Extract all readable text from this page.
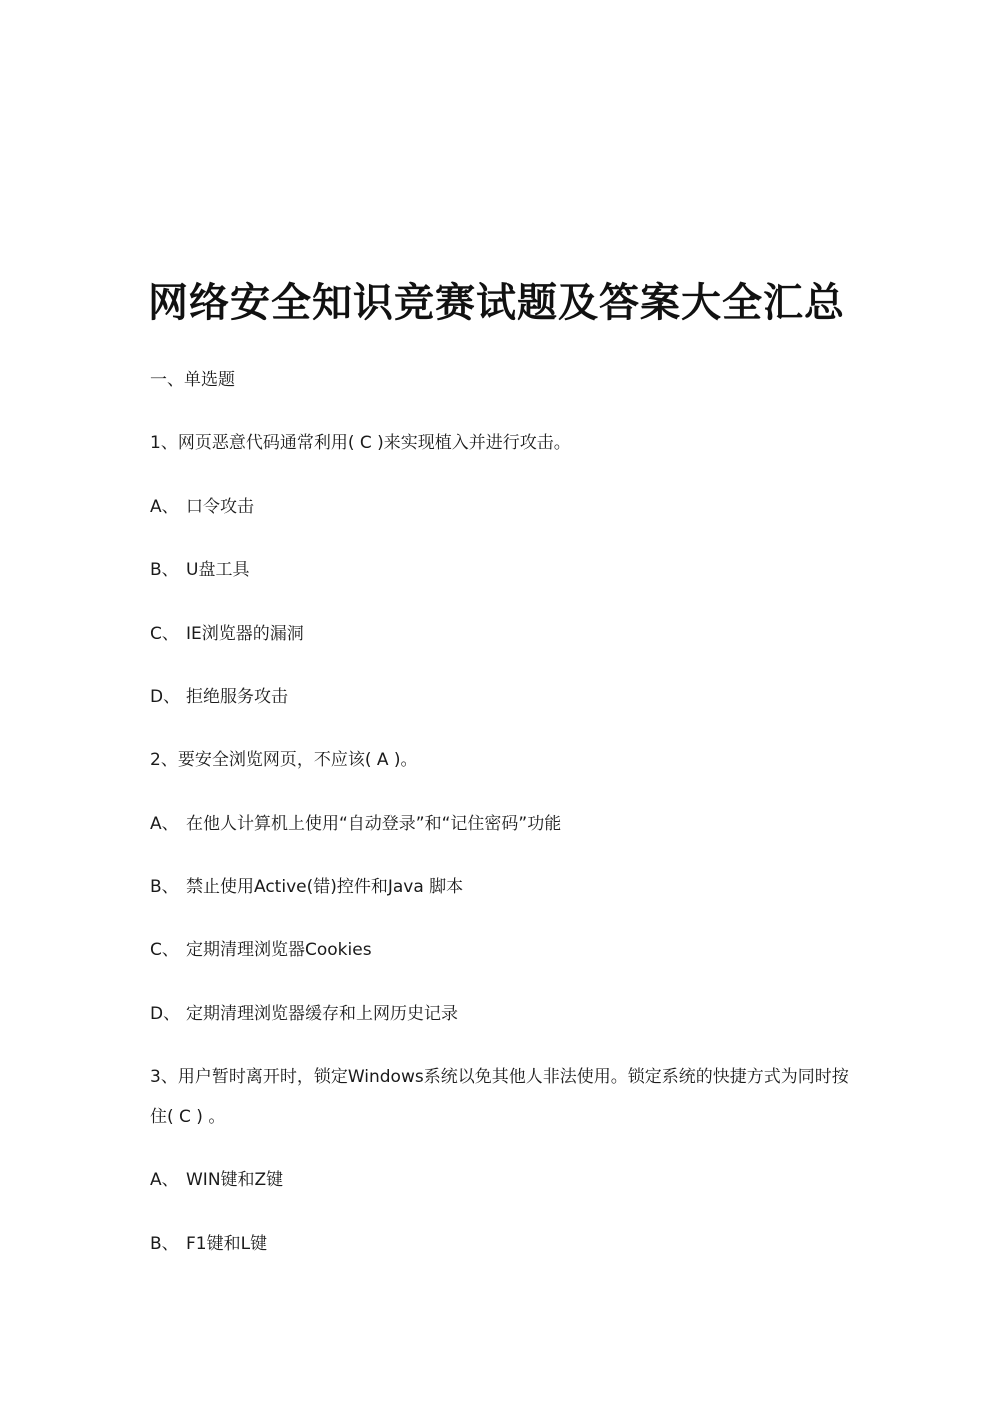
网络安全知识竞赛试题及答案大全汇总
一、单选题
1、网页恶意代码通常利用( C )来实现植入并进行攻击。
A、 口令攻击
B、 U盘工具
C、 IE浏览器的漏洞
D、 拒绝服务攻击
2、要安全浏览网页，不应该( A )。
A、 在他人计算机上使用“自动登录”和“记住密码”功能
B、 禁止使用Active(错)控件和Java 脚本
C、 定期清理浏览器Cookies
D、 定期清理浏览器缓存和上网历史记录
3、用户暂时离开时，锁定Windows系统以免其他人非法使用。锁定系统的快捷方式为同时按住( C ) 。
A、 WIN键和Z键
B、 F1键和L键
